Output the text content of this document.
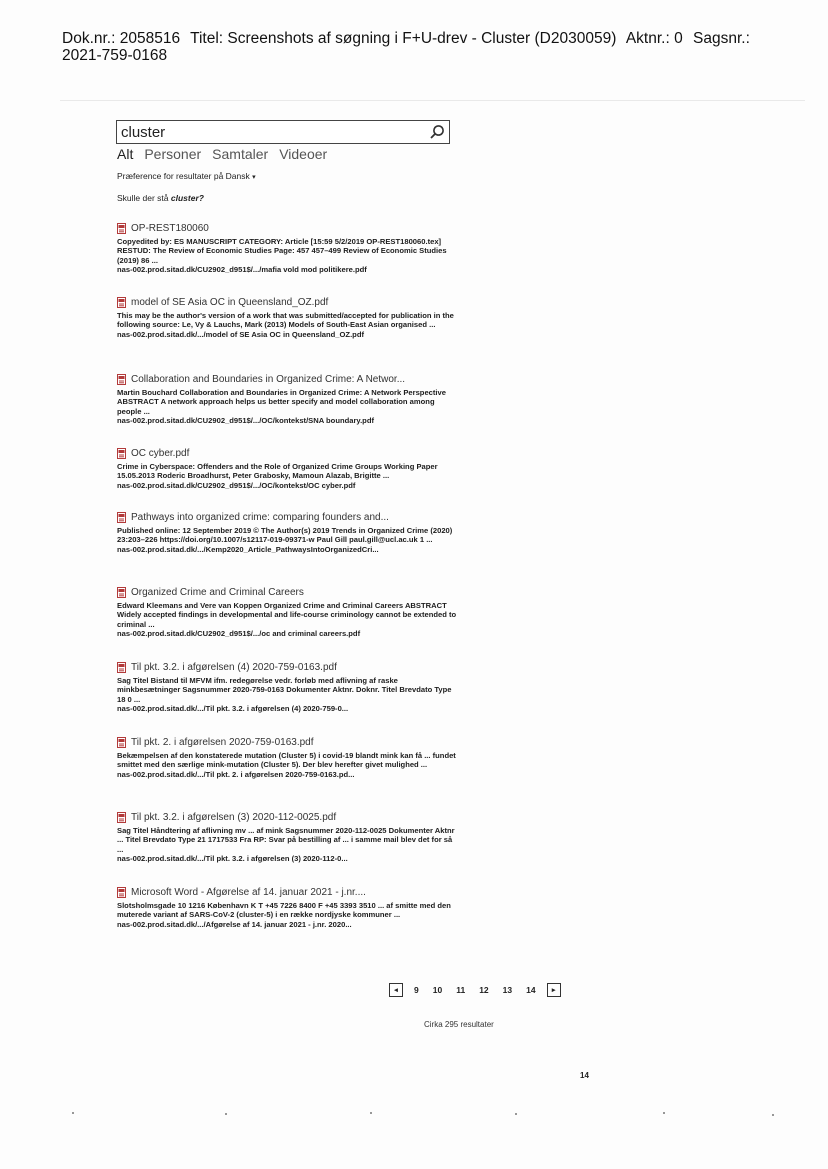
Dok.nr.: 2058516 Titel: Screenshots af søgning i F+U-drev - Cluster (D2030059) Aktnr.: 0 Sagsnr.:
2021-759-0168
cluster
Alt Personer Samtaler Videoer
Præference for resultater på Dansk ▾
Skulle der stå cluster?
OP-REST180060
Copyedited by: ES MANUSCRIPT CATEGORY: Article [15:59 5/2/2019 OP-REST180060.tex] RESTUD: The Review of Economic Studies Page: 457 457–499 Review of Economic Studies (2019) 86 ...
nas-002.prod.sitad.dk/CU2902_d951$/.../mafia vold mod politikere.pdf
model of SE Asia OC in Queensland_OZ.pdf
This may be the author's version of a work that was submitted/accepted for publication in the following source: Le, Vy & Lauchs, Mark (2013) Models of South-East Asian organised ...
nas-002.prod.sitad.dk/.../model of SE Asia OC in Queensland_OZ.pdf
Collaboration and Boundaries in Organized Crime: A Networ...
Martin Bouchard Collaboration and Boundaries in Organized Crime: A Network Perspective ABSTRACT A network approach helps us better specify and model collaboration among people ...
nas-002.prod.sitad.dk/CU2902_d951$/.../OC/kontekst/SNA boundary.pdf
OC cyber.pdf
Crime in Cyberspace: Offenders and the Role of Organized Crime Groups Working Paper 15.05.2013 Roderic Broadhurst, Peter Grabosky, Mamoun Alazab, Brigitte ...
nas-002.prod.sitad.dk/CU2902_d951$/.../OC/kontekst/OC cyber.pdf
Pathways into organized crime: comparing founders and...
Published online: 12 September 2019 © The Author(s) 2019 Trends in Organized Crime (2020) 23:203–226 https://doi.org/10.1007/s12117-019-09371-w Paul Gill paul.gill@ucl.ac.uk 1 ...
nas-002.prod.sitad.dk/.../Kemp2020_Article_PathwaysIntoOrganizedCri...
Organized Crime and Criminal Careers
Edward Kleemans and Vere van Koppen Organized Crime and Criminal Careers ABSTRACT Widely accepted findings in developmental and life-course criminology cannot be extended to criminal ...
nas-002.prod.sitad.dk/CU2902_d951$/.../oc and criminal careers.pdf
Til pkt. 3.2. i afgørelsen (4) 2020-759-0163.pdf
Sag Titel Bistand til MFVM ifm. redegørelse vedr. forløb med aflivning af raske minkbesætninger Sagsnummer 2020-759-0163 Dokumenter Aktnr. Doknr. Titel Brevdato Type 18 0 ...
nas-002.prod.sitad.dk/.../Til pkt. 3.2. i afgørelsen (4) 2020-759-0...
Til pkt. 2. i afgørelsen 2020-759-0163.pdf
Bekæmpelsen af den konstaterede mutation (Cluster 5) i covid-19 blandt mink kan få ... fundet smittet med den særlige mink-mutation (Cluster 5). Der blev herefter givet mulighed ...
nas-002.prod.sitad.dk/.../Til pkt. 2. i afgørelsen 2020-759-0163.pd...
Til pkt. 3.2. i afgørelsen (3) 2020-112-0025.pdf
Sag Titel Håndtering af aflivning mv ... af mink Sagsnummer 2020-112-0025 Dokumenter Aktnr ... Titel Brevdato Type 21 1717533 Fra RP: Svar på bestilling af ... i samme mail blev det for så ...
nas-002.prod.sitad.dk/.../Til pkt. 3.2. i afgørelsen (3) 2020-112-0...
Microsoft Word - Afgørelse af 14. januar 2021 - j.nr....
Slotsholmsgade 10 1216 København K T +45 7226 8400 F +45 3393 3510 ... af smitte med den muterede variant af SARS-CoV-2 (cluster-5) i en række nordjyske kommuner ...
nas-002.prod.sitad.dk/.../Afgørelse af 14. januar 2021 - j.nr. 2020...
◂	9	10	11	12	13	14	▸
Cirka 295 resultater
14
